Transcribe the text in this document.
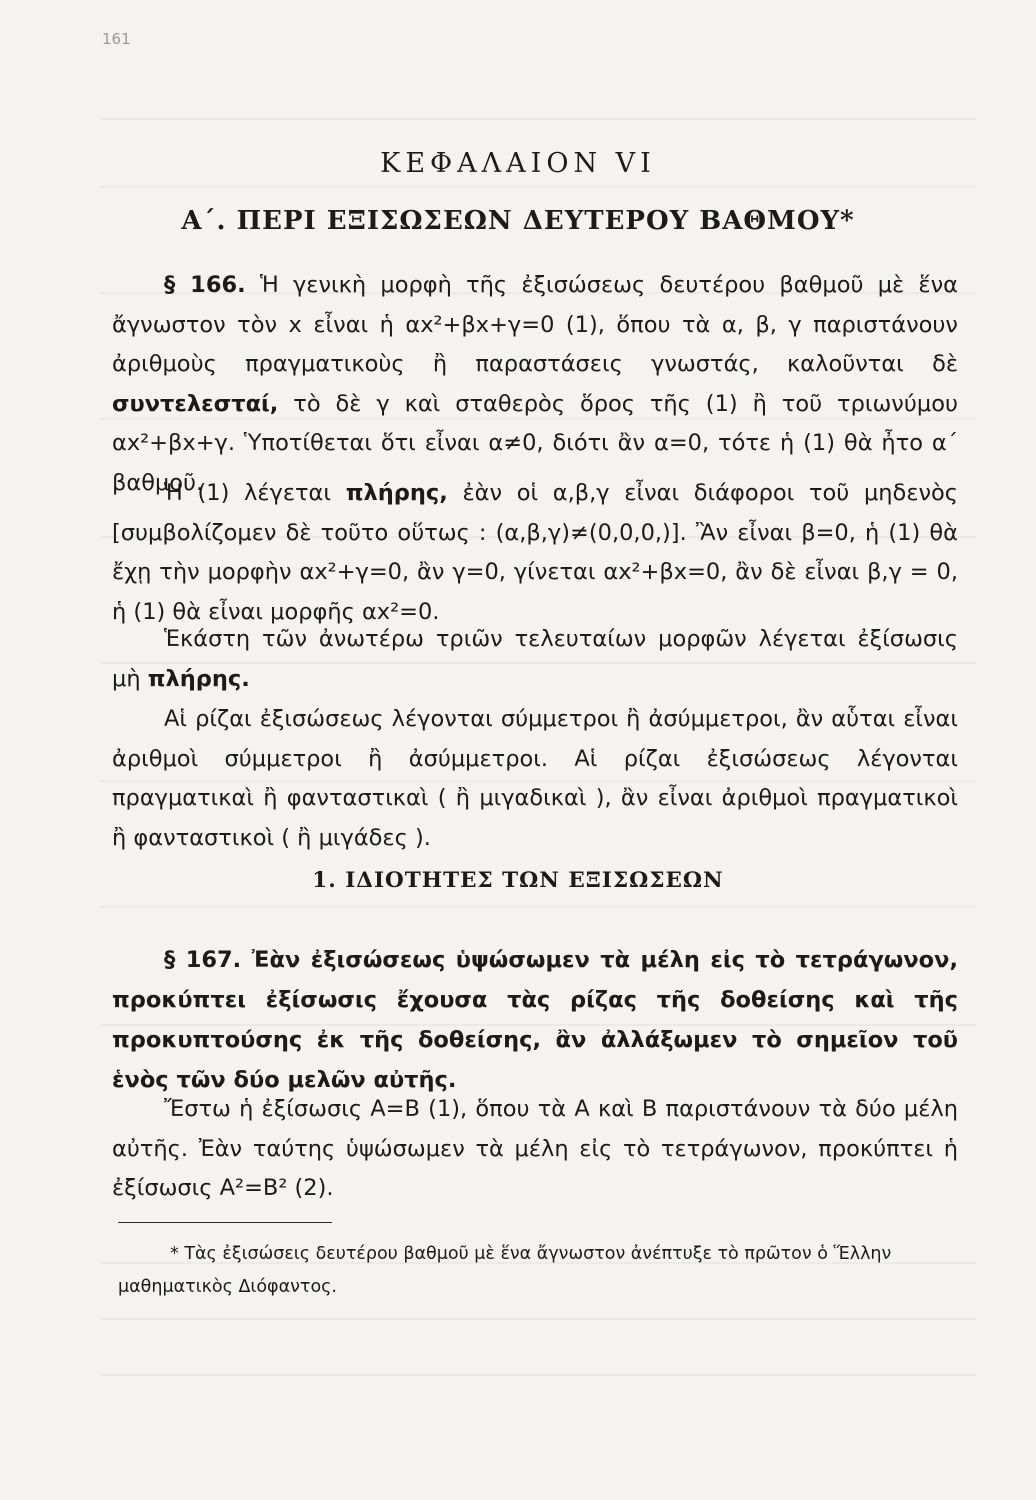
161
ΚΕΦΑΛΑΙΟΝ VI
Α΄. ΠΕΡΙ ΕΞΙΣΩΣΕΩΝ ΔΕΥΤΕΡΟΥ ΒΑΘΜΟΥ*

§ 166. Ἡ γενικὴ μορφὴ τῆς ἐξισώσεως δευτέρου βαθμοῦ μὲ ἕνα ἄγνωστον τὸν x εἶναι ἡ αx²+βx+γ=0 (1), ὅπου τὰ α, β, γ παριστάνουν ἀριθμοὺς πραγματικοὺς ἢ παραστάσεις γνωστάς, καλοῦνται δὲ συντελεσταί, τὸ δὲ γ καὶ σταθερὸς ὅρος τῆς (1) ἢ τοῦ τριωνύμου αx²+βx+γ. Ὑποτίθεται ὅτι εἶναι α≠0, διότι ἂν α=0, τότε ἡ (1) θὰ ἦτο α΄ βαθμοῦ.

Ἡ (1) λέγεται πλήρης, ἐὰν οἱ α,β,γ εἶναι διάφοροι τοῦ μηδενὸς [συμβολίζομεν δὲ τοῦτο οὕτως : (α,β,γ)≠(0,0,0,)]. Ἂν εἶναι β=0, ἡ (1) θὰ ἔχῃ τὴν μορφὴν αx²+γ=0, ἂν γ=0, γίνεται αx²+βx=0, ἂν δὲ εἶναι β,γ = 0, ἡ (1) θὰ εἶναι μορφῆς αx²=0.

Ἑκάστη τῶν ἀνωτέρω τριῶν τελευταίων μορφῶν λέγεται ἐξίσωσις μὴ πλήρης.

Αἱ ρίζαι ἐξισώσεως λέγονται σύμμετροι ἢ ἀσύμμετροι, ἂν αὗται εἶναι ἀριθμοὶ σύμμετροι ἢ ἀσύμμετροι. Αἱ ρίζαι ἐξισώσεως λέγονται πραγματικαὶ ἢ φανταστικαὶ ( ἢ μιγαδικαὶ ), ἂν εἶναι ἀριθμοὶ πραγματικοὶ ἢ φανταστικοὶ ( ἢ μιγάδες ).

1. ΙΔΙΟΤΗΤΕΣ ΤΩΝ ΕΞΙΣΩΣΕΩΝ

§ 167. Ἐὰν ἐξισώσεως ὑψώσωμεν τὰ μέλη εἰς τὸ τετράγωνον, προκύπτει ἐξίσωσις ἔχουσα τὰς ρίζας τῆς δοθείσης καὶ τῆς προκυπτούσης ἐκ τῆς δοθείσης, ἂν ἀλλάξωμεν τὸ σημεῖον τοῦ ἑνὸς τῶν δύο μελῶν αὐτῆς.

Ἔστω ἡ ἐξίσωσις Α=Β (1), ὅπου τὰ Α καὶ Β παριστάνουν τὰ δύο μέλη αὐτῆς. Ἐὰν ταύτης ὑψώσωμεν τὰ μέλη εἰς τὸ τετράγωνον, προκύπτει ἡ ἐξίσωσις Α²=Β² (2).

* Τὰς ἐξισώσεις δευτέρου βαθμοῦ μὲ ἕνα ἄγνωστον ἀνέπτυξε τὸ πρῶτον ὁ Ἕλλην μαθηματικὸς Διόφαντος.
